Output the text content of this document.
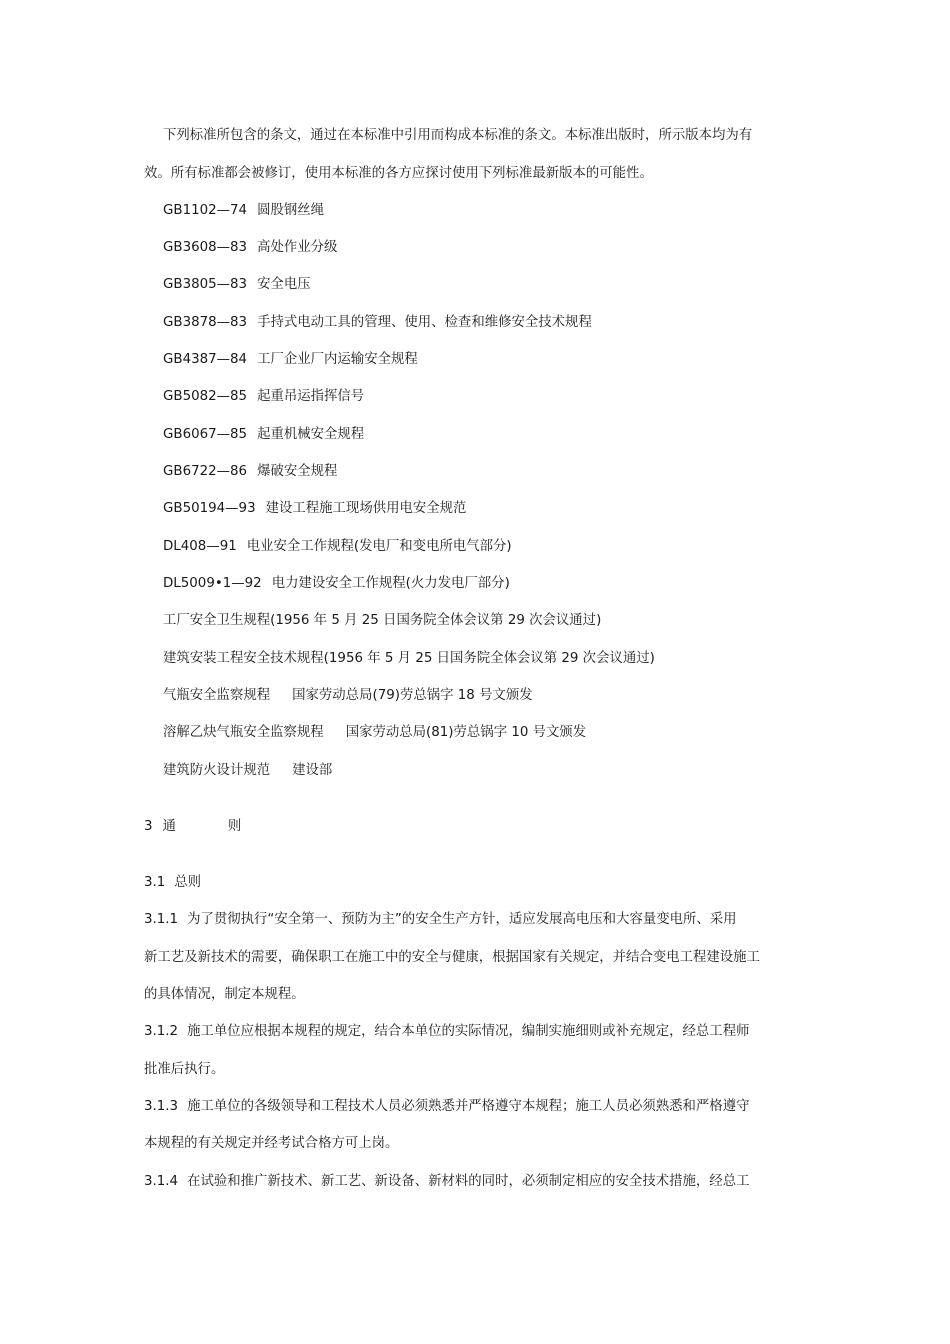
下列标准所包含的条文，通过在本标准中引用而构成本标准的条文。本标准出版时，所示版本均为有
效。所有标准都会被修订，使用本标准的各方应探讨使用下列标准最新版本的可能性。
GB1102—74 圆股钢丝绳
GB3608—83 高处作业分级
GB3805—83 安全电压
GB3878—83 手持式电动工具的管理、使用、检查和维修安全技术规程
GB4387—84 工厂企业厂内运输安全规程
GB5082—85 起重吊运指挥信号
GB6067—85 起重机械安全规程
GB6722—86 爆破安全规程
GB50194—93 建设工程施工现场供用电安全规范
DL408—91 电业安全工作规程(发电厂和变电所电气部分)
DL5009•1—92 电力建设安全工作规程(火力发电厂部分)
工厂安全卫生规程(1956 年 5 月 25 日国务院全体会议第 29 次会议通过)
建筑安装工程安全技术规程(1956 年 5 月 25 日国务院全体会议第 29 次会议通过)
气瓶安全监察规程 国家劳动总局(79)劳总锅字 18 号文颁发
溶解乙炔气瓶安全监察规程 国家劳动总局(81)劳总锅字 10 号文颁发
建筑防火设计规范 建设部
3 通	则
3.1 总则
3.1.1 为了贯彻执行“安全第一、预防为主”的安全生产方针，适应发展高电压和大容量变电所、采用
新工艺及新技术的需要，确保职工在施工中的安全与健康，根据国家有关规定，并结合变电工程建设施工
的具体情况，制定本规程。
3.1.2 施工单位应根据本规程的规定，结合本单位的实际情况，编制实施细则或补充规定，经总工程师
批准后执行。
3.1.3 施工单位的各级领导和工程技术人员必须熟悉并严格遵守本规程；施工人员必须熟悉和严格遵守
本规程的有关规定并经考试合格方可上岗。
3.1.4 在试验和推广新技术、新工艺、新设备、新材料的同时，必须制定相应的安全技术措施，经总工
